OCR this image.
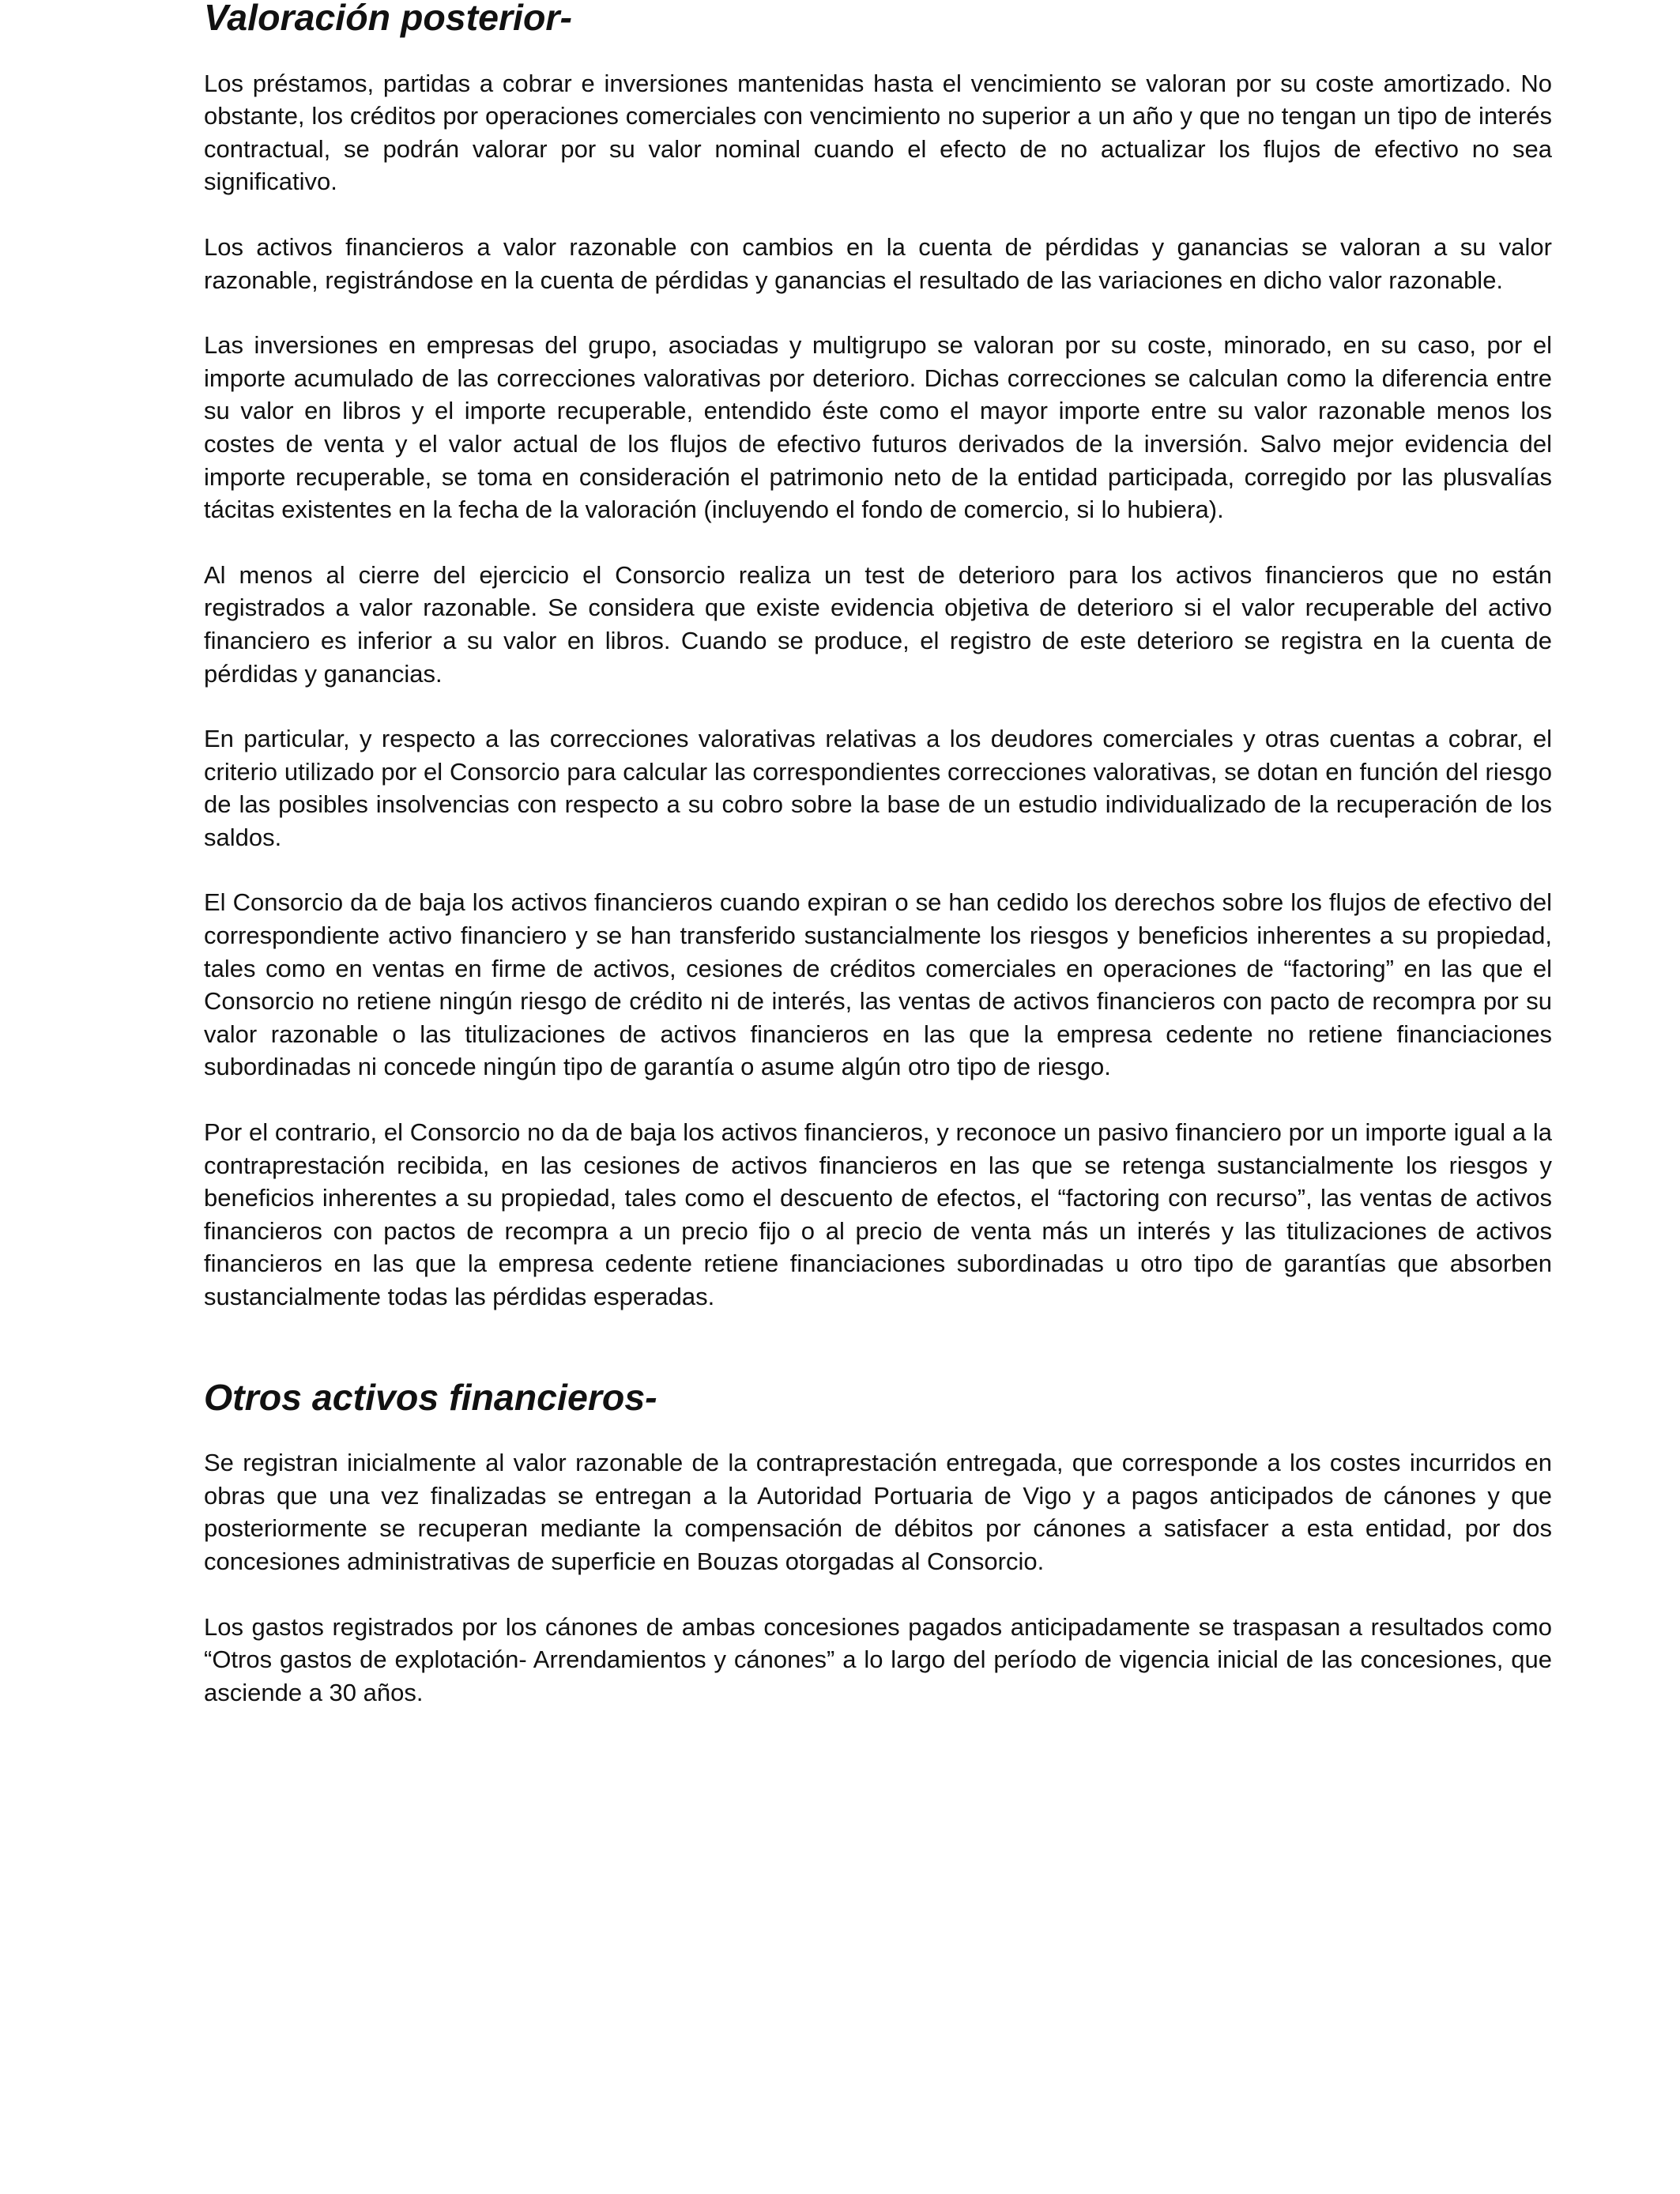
Valoración posterior-

Los préstamos, partidas a cobrar e inversiones mantenidas hasta el vencimiento se valoran por su coste amortizado. No obstante, los créditos por operaciones comerciales con vencimiento no superior a un año y que no tengan un tipo de interés contractual, se podrán valorar por su valor nominal cuando el efecto de no actualizar los flujos de efectivo no sea significativo.

Los activos financieros a valor razonable con cambios en la cuenta de pérdidas y ganancias se valoran a su valor razonable, registrándose en la cuenta de pérdidas y ganancias el resultado de las variaciones en dicho valor razonable.

Las inversiones en empresas del grupo, asociadas y multigrupo se valoran por su coste, minorado, en su caso, por el importe acumulado de las correcciones valorativas por deterioro. Dichas correcciones se calculan como la diferencia entre su valor en libros y el importe recuperable, entendido éste como el mayor importe entre su valor razonable menos los costes de venta y el valor actual de los flujos de efectivo futuros derivados de la inversión. Salvo mejor evidencia del importe recuperable, se toma en consideración el patrimonio neto de la entidad participada, corregido por las plusvalías tácitas existentes en la fecha de la valoración (incluyendo el fondo de comercio, si lo hubiera).

Al menos al cierre del ejercicio el Consorcio realiza un test de deterioro para los activos financieros que no están registrados a valor razonable. Se considera que existe evidencia objetiva de deterioro si el valor recuperable del activo financiero es inferior a su valor en libros. Cuando se produce, el registro de este deterioro se registra en la cuenta de pérdidas y ganancias.

En particular, y respecto a las correcciones valorativas relativas a los deudores comerciales y otras cuentas a cobrar, el criterio utilizado por el Consorcio para calcular las correspondientes correcciones valorativas, se dotan en función del riesgo de las posibles insolvencias con respecto a su cobro sobre la base de un estudio individualizado de la recuperación de los saldos.

El Consorcio da de baja los activos financieros cuando expiran o se han cedido los derechos sobre los flujos de efectivo del correspondiente activo financiero y se han transferido sustancialmente los riesgos y beneficios inherentes a su propiedad, tales como en ventas en firme de activos, cesiones de créditos comerciales en operaciones de “factoring” en las que el Consorcio no retiene ningún riesgo de crédito ni de interés, las ventas de activos financieros con pacto de recompra por su valor razonable o las titulizaciones de activos financieros en las que la empresa cedente no retiene financiaciones subordinadas ni concede ningún tipo de garantía o asume algún otro tipo de riesgo.

Por el contrario, el Consorcio no da de baja los activos financieros, y reconoce un pasivo financiero por un importe igual a la contraprestación recibida, en las cesiones de activos financieros en las que se retenga sustancialmente los riesgos y beneficios inherentes a su propiedad, tales como el descuento de efectos, el “factoring con recurso”, las ventas de activos financieros con pactos de recompra a un precio fijo o al precio de venta más un interés y las titulizaciones de activos financieros en las que la empresa cedente retiene financiaciones subordinadas u otro tipo de garantías que absorben sustancialmente todas las pérdidas esperadas.

Otros activos financieros-

Se registran inicialmente al valor razonable de la contraprestación entregada, que corresponde a los costes incurridos en obras que una vez finalizadas se entregan a la Autoridad Portuaria de Vigo y a pagos anticipados de cánones y que posteriormente se recuperan mediante la compensación de débitos por cánones a satisfacer a esta entidad, por dos concesiones administrativas de superficie en Bouzas otorgadas al Consorcio.

Los gastos registrados por los cánones de ambas concesiones pagados anticipadamente se traspasan a resultados como “Otros gastos de explotación- Arrendamientos y cánones” a lo largo del período de vigencia inicial de las concesiones, que asciende a 30 años.
